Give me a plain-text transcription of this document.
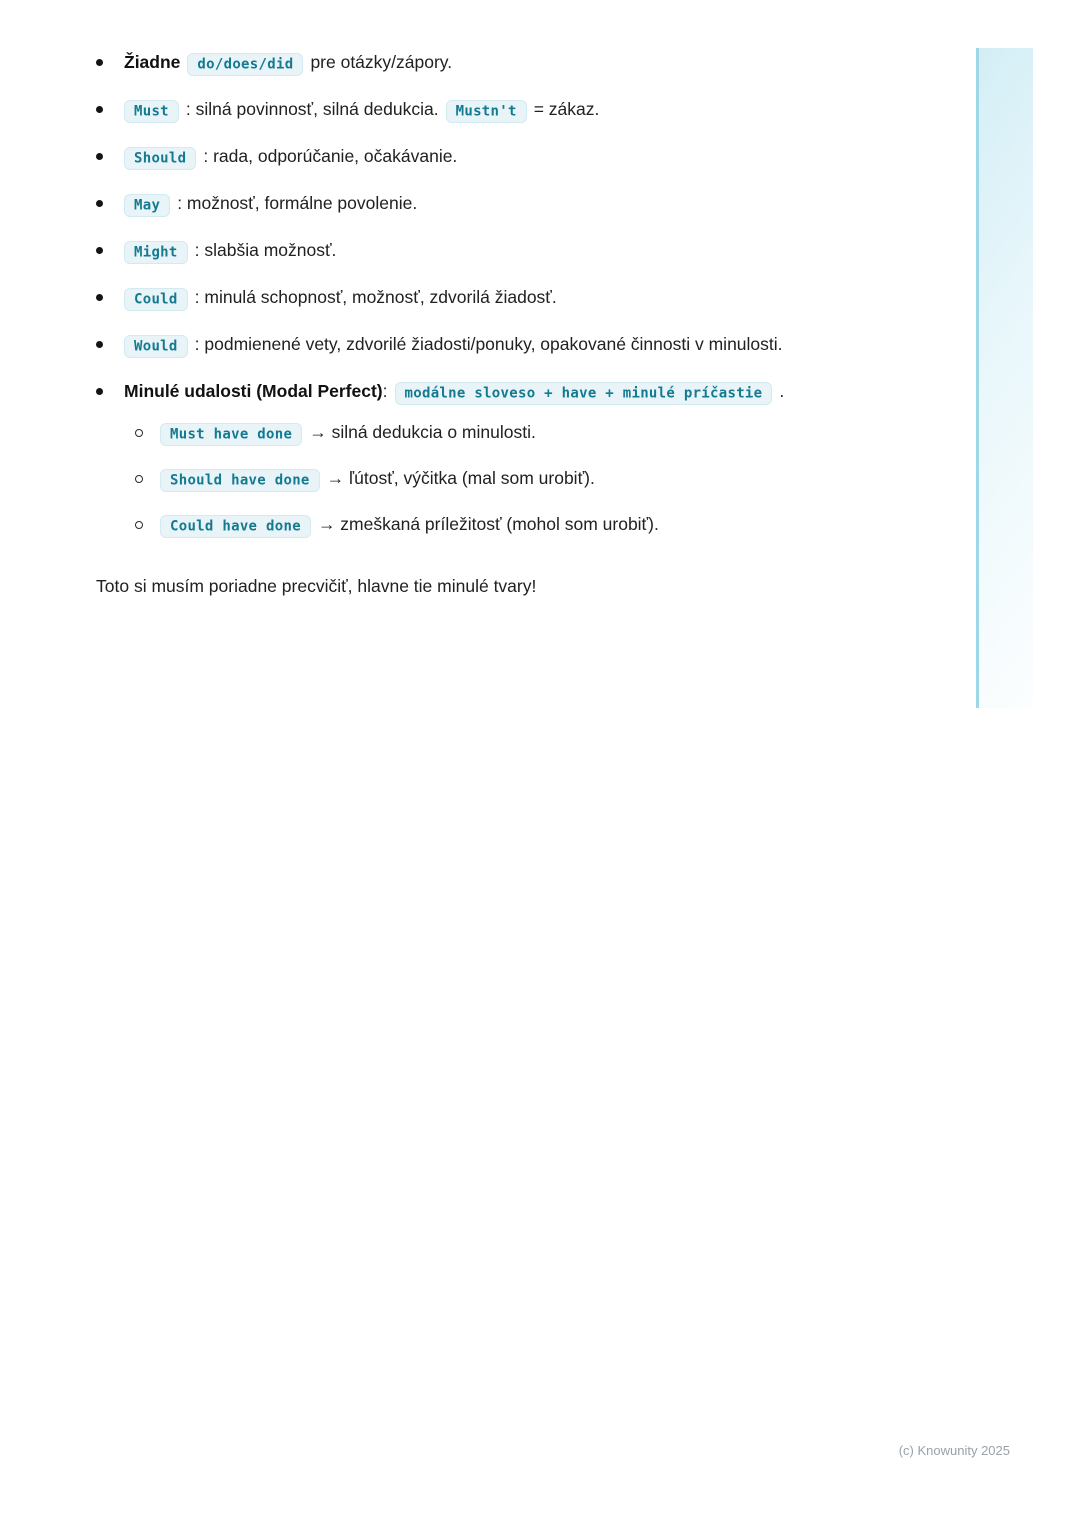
Žiadne do/does/did pre otázky/zápory.
Must : silná povinnosť, silná dedukcia. Mustn't = zákaz.
Should : rada, odporúčanie, očakávanie.
May : možnosť, formálne povolenie.
Might : slabšia možnosť.
Could : minulá schopnosť, možnosť, zdvorilá žiadosť.
Would : podmienené vety, zdvorilé žiadosti/ponuky, opakované činnosti v minulosti.
Minulé udalosti (Modal Perfect): modálne sloveso + have + minulé príčastie .
Must have done → silná dedukcia o minulosti.
Should have done → ľútosť, výčitka (mal som urobiť).
Could have done → zmeškaná príležitosť (mohol som urobiť).

Toto si musím poriadne precvičiť, hlavne tie minulé tvary!

(c) Knowunity 2025
